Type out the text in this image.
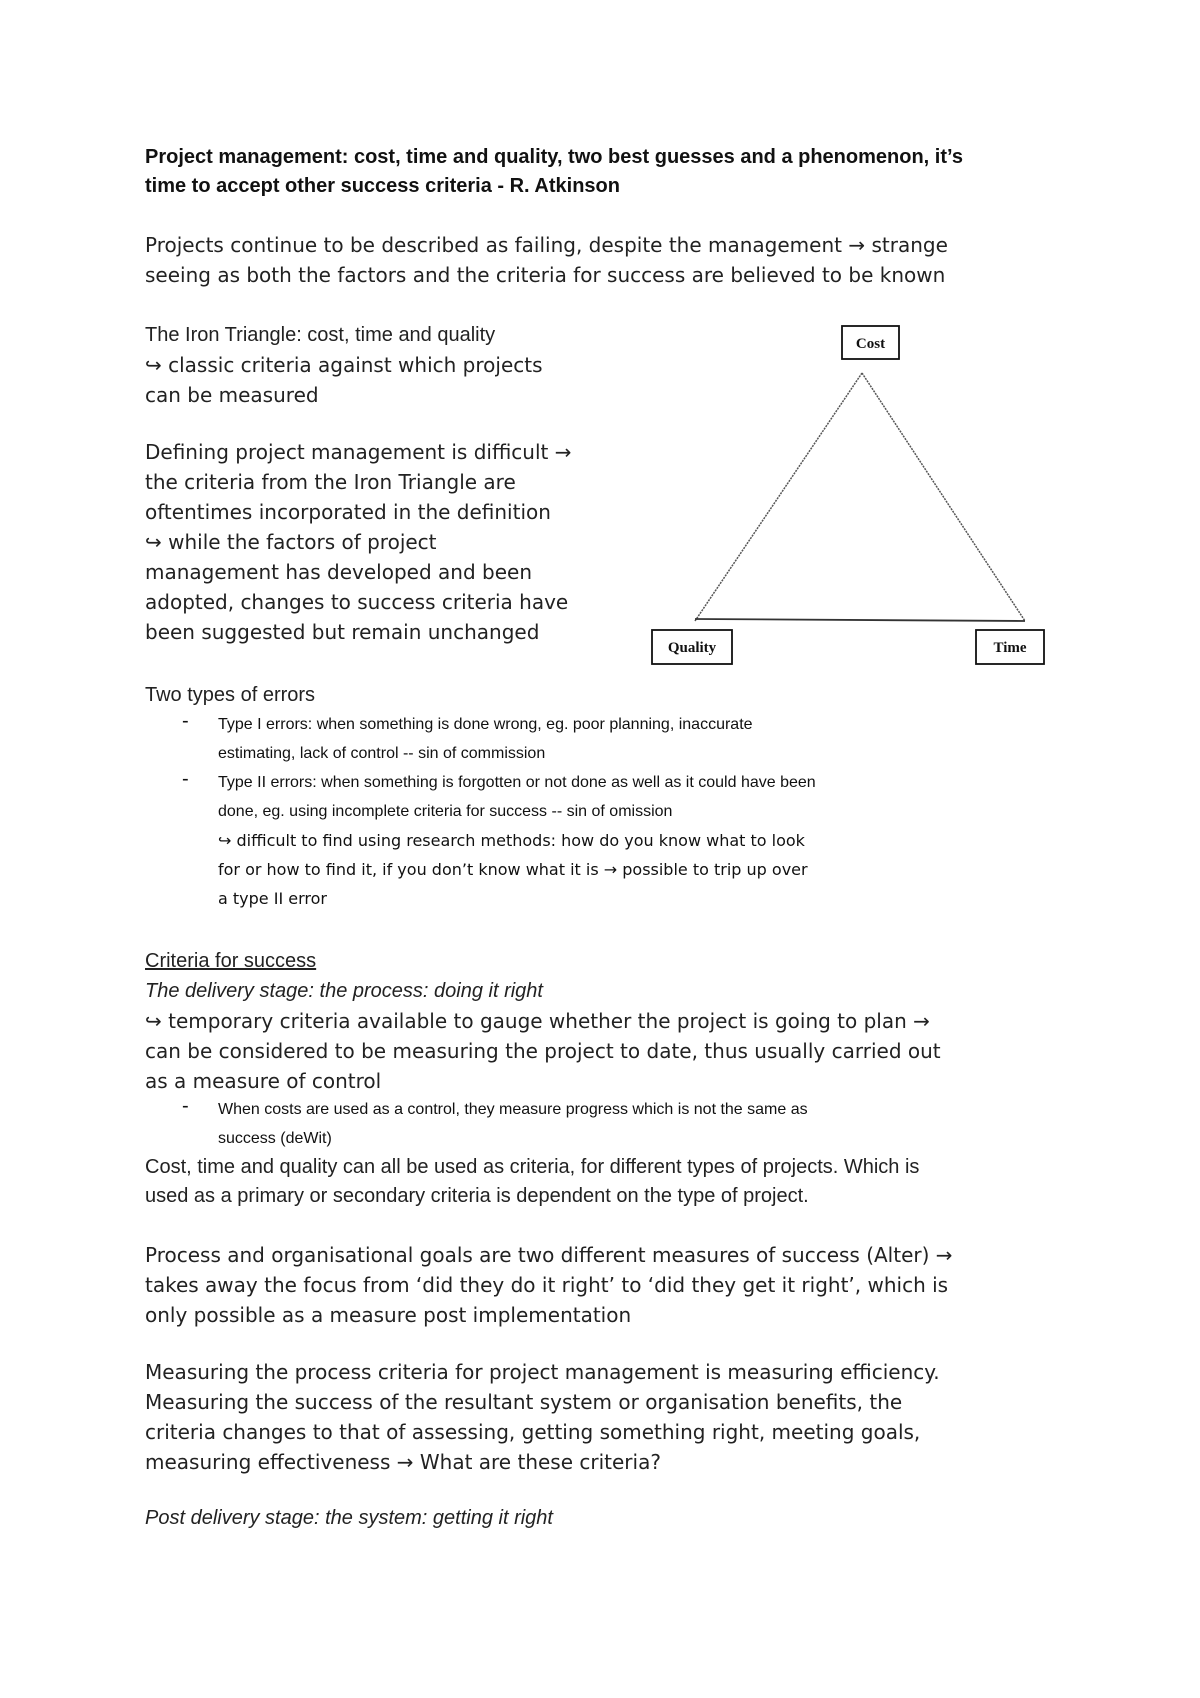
Project management: cost, time and quality, two best guesses and a phenomenon, it’s
time to accept other success criteria - R. Atkinson
Projects continue to be described as failing, despite the management → strange
seeing as both the factors and the criteria for success are believed to be known
The Iron Triangle: cost, time and quality
↪ classic criteria against which projects
can be measured
Defining project management is difficult →
the criteria from the Iron Triangle are
oftentimes incorporated in the definition
↪ while the factors of project
management has developed and been
adopted, changes to success criteria have
been suggested but remain unchanged
Cost
Quality	Time
Two types of errors
- Type I errors: when something is done wrong, eg. poor planning, inaccurate
estimating, lack of control -- sin of commission
- Type II errors: when something is forgotten or not done as well as it could have been
done, eg. using incomplete criteria for success -- sin of omission
↪ difficult to find using research methods: how do you know what to look
for or how to find it, if you don’t know what it is → possible to trip up over
a type II error
Criteria for success
The delivery stage: the process: doing it right
↪ temporary criteria available to gauge whether the project is going to plan →
can be considered to be measuring the project to date, thus usually carried out
as a measure of control
- When costs are used as a control, they measure progress which is not the same as
success (deWit)
Cost, time and quality can all be used as criteria, for different types of projects. Which is
used as a primary or secondary criteria is dependent on the type of project.
Process and organisational goals are two different measures of success (Alter) →
takes away the focus from ‘did they do it right’ to ‘did they get it right’, which is
only possible as a measure post implementation
Measuring the process criteria for project management is measuring efficiency.
Measuring the success of the resultant system or organisation benefits, the
criteria changes to that of assessing, getting something right, meeting goals,
measuring effectiveness → What are these criteria?
Post delivery stage: the system: getting it right
